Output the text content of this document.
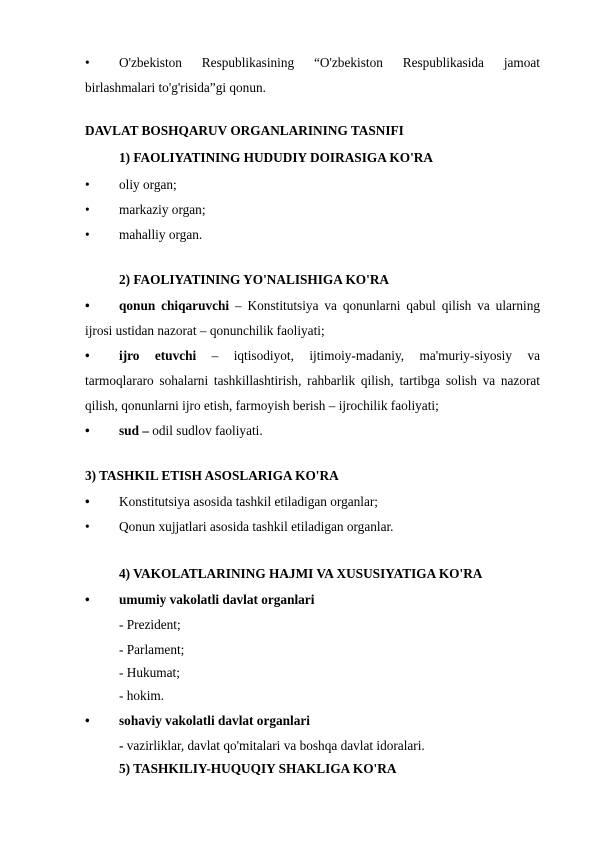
•	O'zbekiston Respublikasining “O'zbekiston Respublikasida jamoat
birlashmalari to'g'risida”gi qonun.
DAVLAT BOSHQARUV ORGANLARINING TASNIFI
1) FAOLIYATINING HUDUDIY DOIRASIGA KO'RA
•	oliy organ;
•	markaziy organ;
•	mahalliy organ.
2) FAOLIYATINING YO'NALISHIGA KO'RA
•	qonun chiqaruvchi – Konstitutsiya va qonunlarni qabul qilish va ularning
ijrosi ustidan nazorat – qonunchilik faoliyati;
•	ijro etuvchi – iqtisodiyot, ijtimoiy-madaniy, ma'muriy-siyosiy va
tarmoqlararo sohalarni tashkillashtirish, rahbarlik qilish, tartibga solish va nazorat
qilish, qonunlarni ijro etish, farmoyish berish – ijrochilik faoliyati;
•	sud – odil sudlov faoliyati.
3) TASHKIL ETISH ASOSLARIGA KO'RA
•	Konstitutsiya asosida tashkil etiladigan organlar;
•	Qonun xujjatlari asosida tashkil etiladigan organlar.
4) VAKOLATLARINING HAJMI VA XUSUSIYATIGA KO'RA
•	umumiy vakolatli davlat organlari
- Prezident;
- Parlament;
- Hukumat;
- hokim.
•	sohaviy vakolatli davlat organlari
- vazirliklar, davlat qo'mitalari va boshqa davlat idoralari.
5) TASHKILIY-HUQUQIY SHAKLIGA KO'RA
